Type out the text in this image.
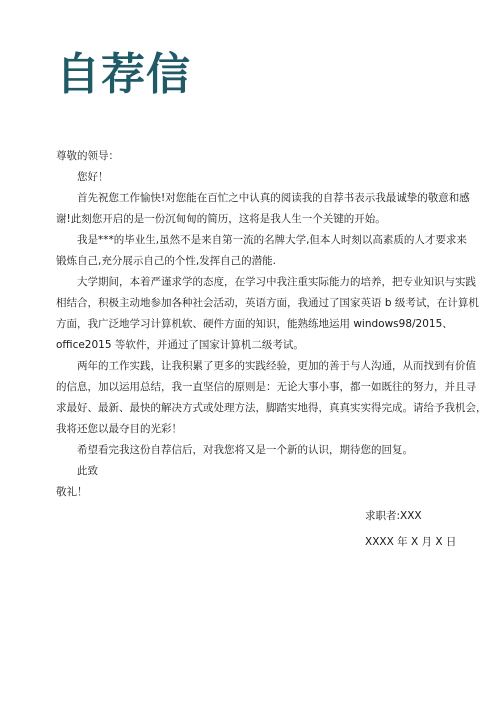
自荐信
尊敬的领导：
您好！
首先祝您工作愉快!对您能在百忙之中认真的阅读我的自荐书表示我最诚挚的敬意和感
谢!此刻您开启的是一份沉甸甸的简历，这将是我人生一个关键的开始。
我是***的毕业生,虽然不是来自第一流的名牌大学,但本人时刻以高素质的人才要求来
锻炼自己,充分展示自己的个性,发挥自己的潜能.
大学期间，本着严谨求学的态度，在学习中我注重实际能力的培养，把专业知识与实践
相结合，积极主动地参加各种社会活动，英语方面，我通过了国家英语 b 级考试，在计算机
方面，我广泛地学习计算机软、硬件方面的知识，能熟练地运用 windows98/2015、
office2015 等软件，并通过了国家计算机二级考试。
两年的工作实践，让我积累了更多的实践经验，更加的善于与人沟通，从而找到有价值
的信息，加以运用总结，我一直坚信的原则是：无论大事小事，都一如既往的努力，并且寻
求最好、最新、最快的解决方式或处理方法，脚踏实地得，真真实实得完成。请给予我机会，
我将还您以最夺目的光彩！
希望看完我这份自荐信后，对我您将又是一个新的认识，期待您的回复。
此致
敬礼！
求职者:XXX
XXXX 年 X 月 X 日
